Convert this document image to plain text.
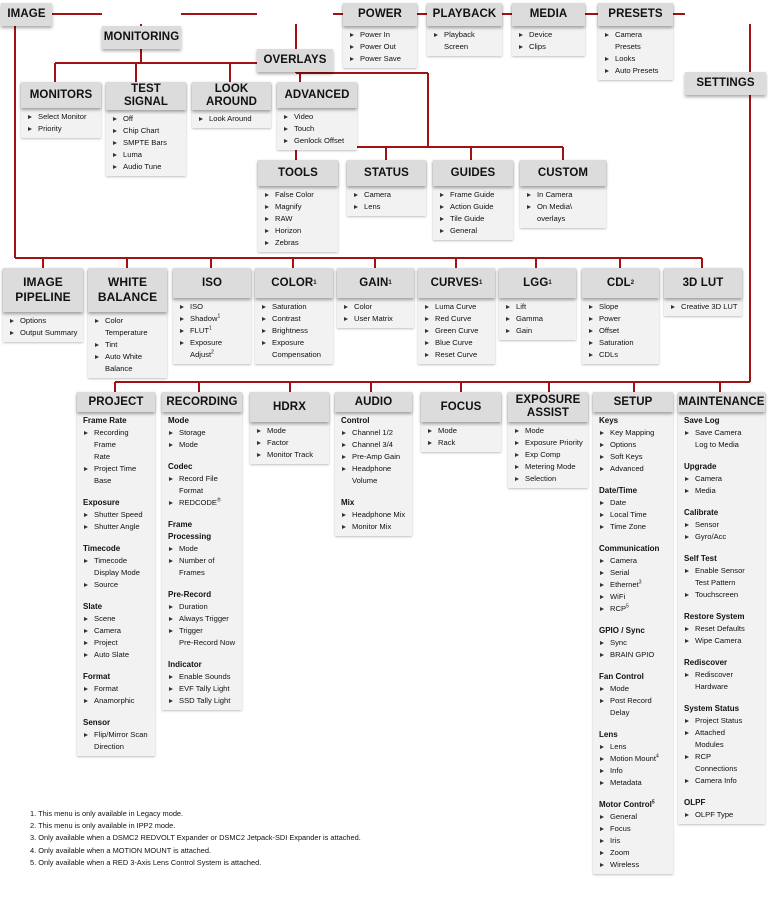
IMAGE
MONITORING
OVERLAYS
POWER
Power In
Power Out
Power Save
PLAYBACK
Playback Screen
MEDIA
Device
Clips
PRESETS
Camera Presets
Looks
Auto Presets
SETTINGS
MONITORS
Select Monitor
Priority
TEST
SIGNAL
Off
Chip Chart
SMPTE Bars
Luma
Audio Tune
LOOK
AROUND
Look Around
ADVANCED
Video
Touch
Genlock Offset
TOOLS
False Color
Magnify
RAW
Horizon
Zebras
STATUS
Camera
Lens
GUIDES
Frame Guide
Action Guide
Tile Guide
General
CUSTOM
In Camera
On Media\
overlays
IMAGE
PIPELINE
Options
Output Summary
WHITE
BALANCE
Color
Temperature
Tint
Auto White
Balance
ISO
ISO
Shadow$^1$
FLUT$^1$
Exposure Adjust$^2$
COLOR 1
Saturation
Contrast
Brightness
Exposure
Compensation
GAIN 1
Color
User Matrix
CURVES 1
Luma Curve
Red Curve
Green Curve
Blue Curve
Reset Curve
LGG 1
Lift
Gamma
Gain
CDL 2
Slope
Power
Offset
Saturation
CDLs
3D LUT
Creative 3D LUT
PROJECT
Frame Rate
Recording Frame
Rate
Project Time
Base
Exposure
Shutter Speed
Shutter Angle
Timecode
Timecode
Display Mode
Source
Slate
Scene
Camera
Project
Auto Slate
Format
Format
Anamorphic
Sensor
Flip/Mirror Scan
Direction
RECORDING
Mode
Storage
Mode
Codec
Record File
Format
REDCODE®
Frame
Processing
Mode
Number of
Frames
Pre-Record
Duration
Always Trigger
Trigger
Pre-Record Now
Indicator
Enable Sounds
EVF Tally Light
SSD Tally Light
HDRX
Mode
Factor
Monitor Track
AUDIO
Control
Channel 1/2
Channel 3/4
Pre-Amp Gain
Headphone
Volume
Mix
Headphone Mix
Monitor Mix
FOCUS
Mode
Rack
EXPOSURE
ASSIST
Mode
Exposure Priority
Exp Comp
Metering Mode
Selection
SETUP
Keys
Key Mapping
Options
Soft Keys
Advanced
Date/Time
Date
Local Time
Time Zone
Communication
Camera
Serial
Ethernet$^3$
WiFi
RCP$^5$
GPIO / Sync
Sync
BRAIN GPIO
Fan Control
Mode
Post Record
Delay
Lens
Lens
Motion Mount$^4$
Info
Metadata
Motor Control$^5$
General
Focus
Iris
Zoom
Wireless
MAINTENANCE
Save Log
Save Camera
Log to Media
Upgrade
Camera
Media
Calibrate
Sensor
Gyro/Acc
Self Test
Enable Sensor
Test Pattern
Touchscreen
Restore System
Reset Defaults
Wipe Camera
Rediscover
Rediscover
Hardware
System Status
Project Status
Attached
Modules
RCP
Connections
Camera Info
OLPF
OLPF Type
1. This menu is only available in Legacy mode.
2. This menu is only available in IPP2 mode.
3. Only available when a DSMC2 REDVOLT Expander or DSMC2 Jetpack-SDI Expander is attached.
4. Only available when a MOTION MOUNT is attached.
5. Only available when a RED 3-Axis Lens Control System is attached.
